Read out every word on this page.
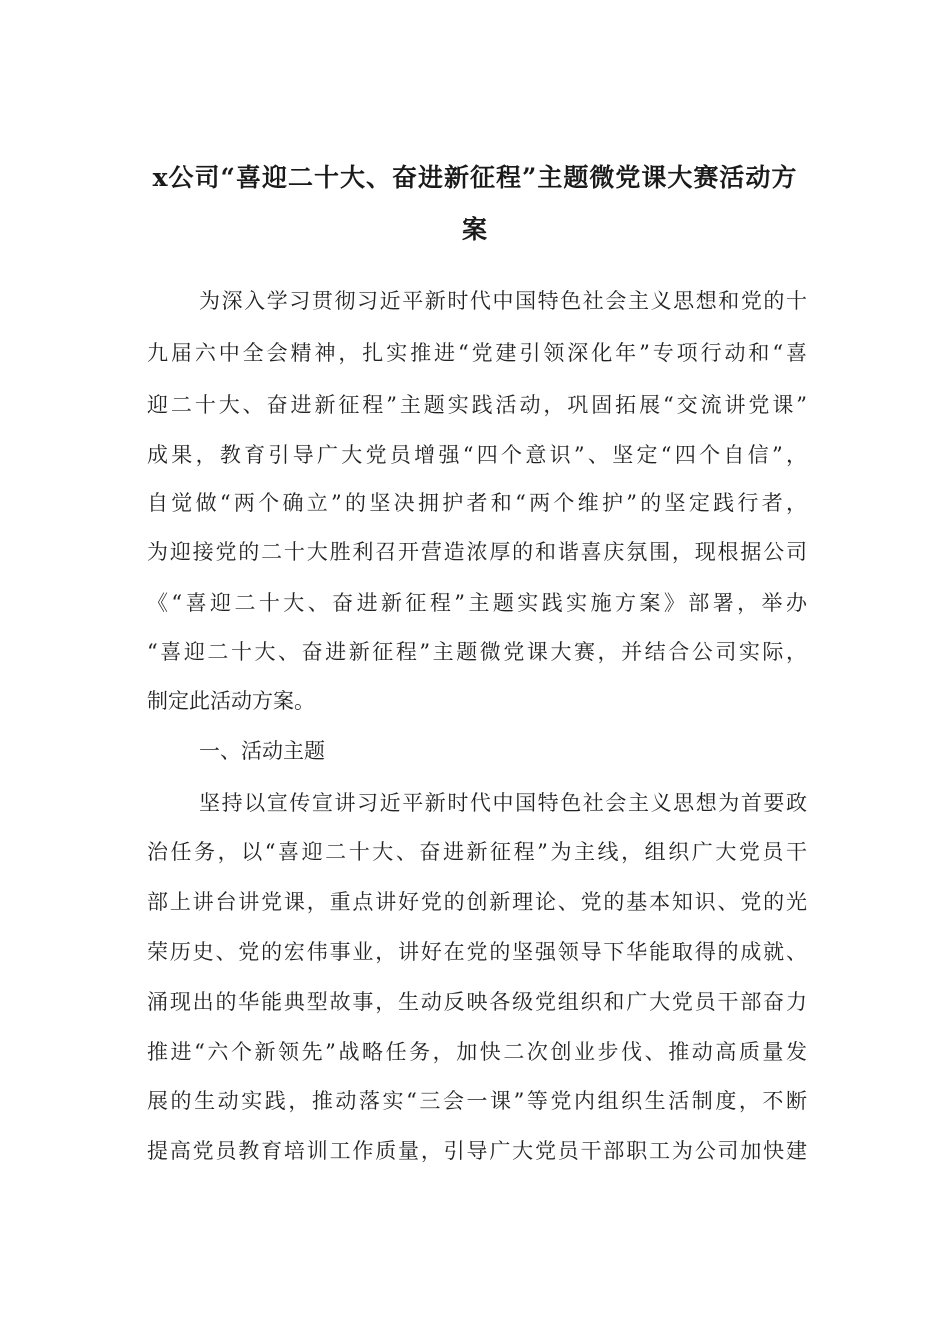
x公司“喜迎二十大、奋进新征程”主题微党课大赛活动方
案
为深入学习贯彻习近平新时代中国特色社会主义思想和党的十
九届六中全会精神，扎实推进“党建引领深化年”专项行动和“喜
迎二十大、奋进新征程”主题实践活动，巩固拓展“交流讲党课”
成果，教育引导广大党员增强“四个意识”、坚定“四个自信”，
自觉做“两个确立”的坚决拥护者和“两个维护”的坚定践行者，
为迎接党的二十大胜利召开营造浓厚的和谐喜庆氛围，现根据公司
《“喜迎二十大、奋进新征程”主题实践实施方案》部署，举办
“喜迎二十大、奋进新征程”主题微党课大赛，并结合公司实际，
制定此活动方案。
一、活动主题
坚持以宣传宣讲习近平新时代中国特色社会主义思想为首要政
治任务，以“喜迎二十大、奋进新征程”为主线，组织广大党员干
部上讲台讲党课，重点讲好党的创新理论、党的基本知识、党的光
荣历史、党的宏伟事业，讲好在党的坚强领导下华能取得的成就、
涌现出的华能典型故事，生动反映各级党组织和广大党员干部奋力
推进“六个新领先”战略任务，加快二次创业步伐、推动高质量发
展的生动实践，推动落实“三会一课”等党内组织生活制度，不断
提高党员教育培训工作质量，引导广大党员干部职工为公司加快建
